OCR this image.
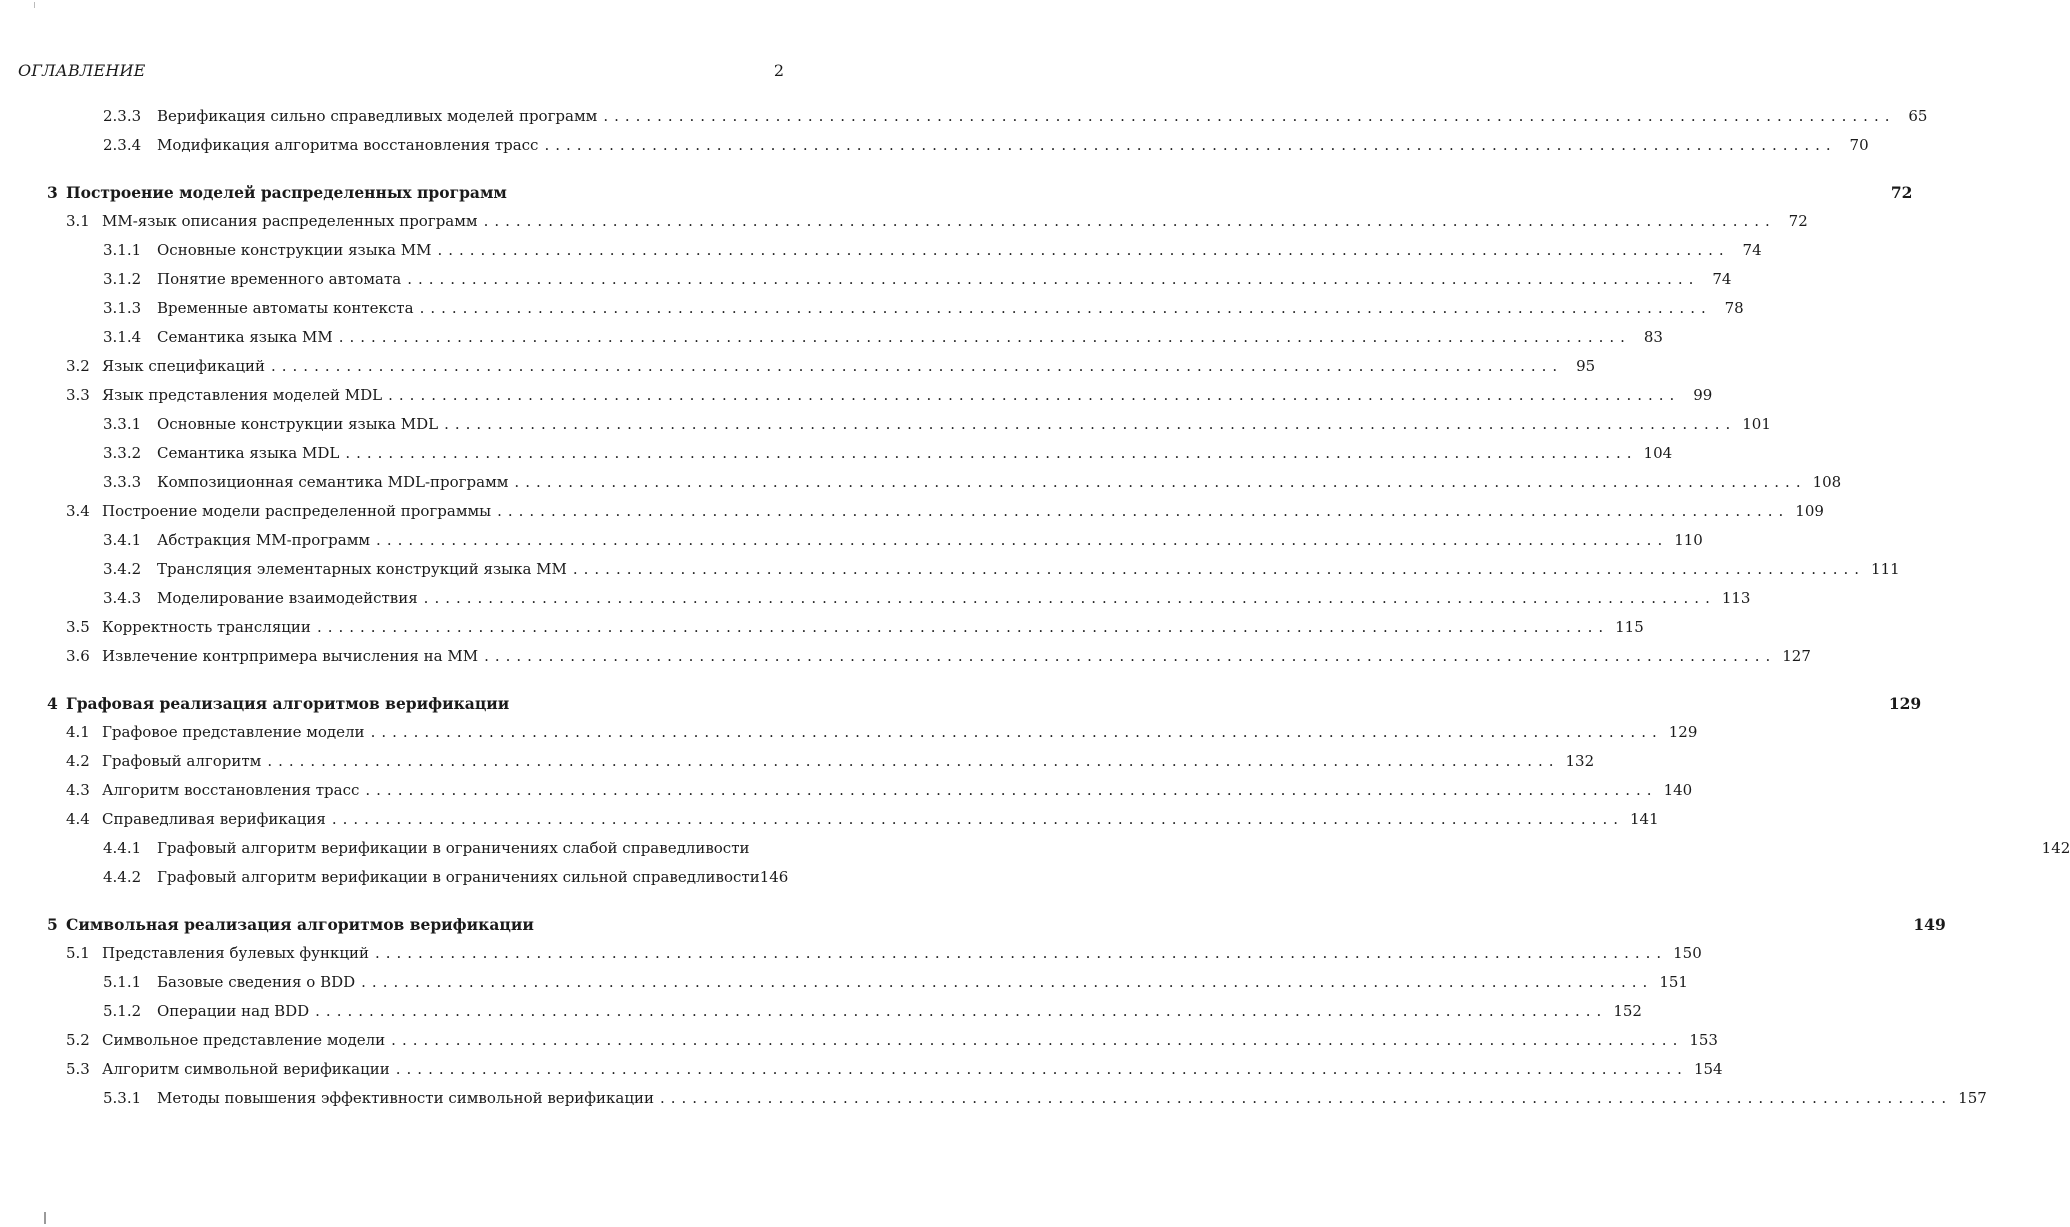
ОГЛАВЛЕНИЕ	2
2.3.3	Верификация сильно справедливых моделей программ ........................................................................................................................ 65
2.3.4	Модификация алгоритма восстановления трасс ........................................................................................................................ 70
3 Построение моделей распределенных программ	72
3.1 ММ-язык описания распределенных программ ........................................................................................................................ 72
3.1.1	Основные конструкции языка ММ ........................................................................................................................ 74
3.1.2	Понятие временного автомата ........................................................................................................................ 74
3.1.3	Временные автоматы контекста ........................................................................................................................ 78
3.1.4	Семантика языка ММ ........................................................................................................................ 83
3.2 Язык спецификаций ........................................................................................................................ 95
3.3 Язык представления моделей MDL ........................................................................................................................ 99
3.3.1	Основные конструкции языка MDL ........................................................................................................................ 101
3.3.2	Семантика языка MDL ........................................................................................................................ 104
3.3.3	Композиционная семантика MDL-программ ........................................................................................................................ 108
3.4 Построение модели распределенной программы ........................................................................................................................ 109
3.4.1	Абстракция ММ-программ ........................................................................................................................ 110
3.4.2	Трансляция элементарных конструкций языка ММ ........................................................................................................................ 111
3.4.3	Моделирование взаимодействия ........................................................................................................................ 113
3.5 Корректность трансляции ........................................................................................................................ 115
3.6 Извлечение контрпримера вычисления на ММ ........................................................................................................................ 127
4 Графовая реализация алгоритмов верификации	129
4.1 Графовое представление модели ........................................................................................................................ 129
4.2 Графовый алгоритм ........................................................................................................................ 132
4.3 Алгоритм восстановления трасс ........................................................................................................................ 140
4.4 Справедливая верификация ........................................................................................................................ 141
4.4.1	Графовый алгоритм верификации в ограничениях слабой справедливости	142
4.4.2	Графовый алгоритм верификации в ограничениях сильной справедливости 146
5 Символьная реализация алгоритмов верификации	149
5.1 Представления булевых функций ........................................................................................................................ 150
5.1.1	Базовые сведения о BDD ........................................................................................................................ 151
5.1.2	Операции над BDD ........................................................................................................................ 152
5.2 Символьное представление модели ........................................................................................................................ 153
5.3 Алгоритм символьной верификации ........................................................................................................................ 154
5.3.1	Методы повышения эффективности символьной верификации ........................................................................................................................ 157
